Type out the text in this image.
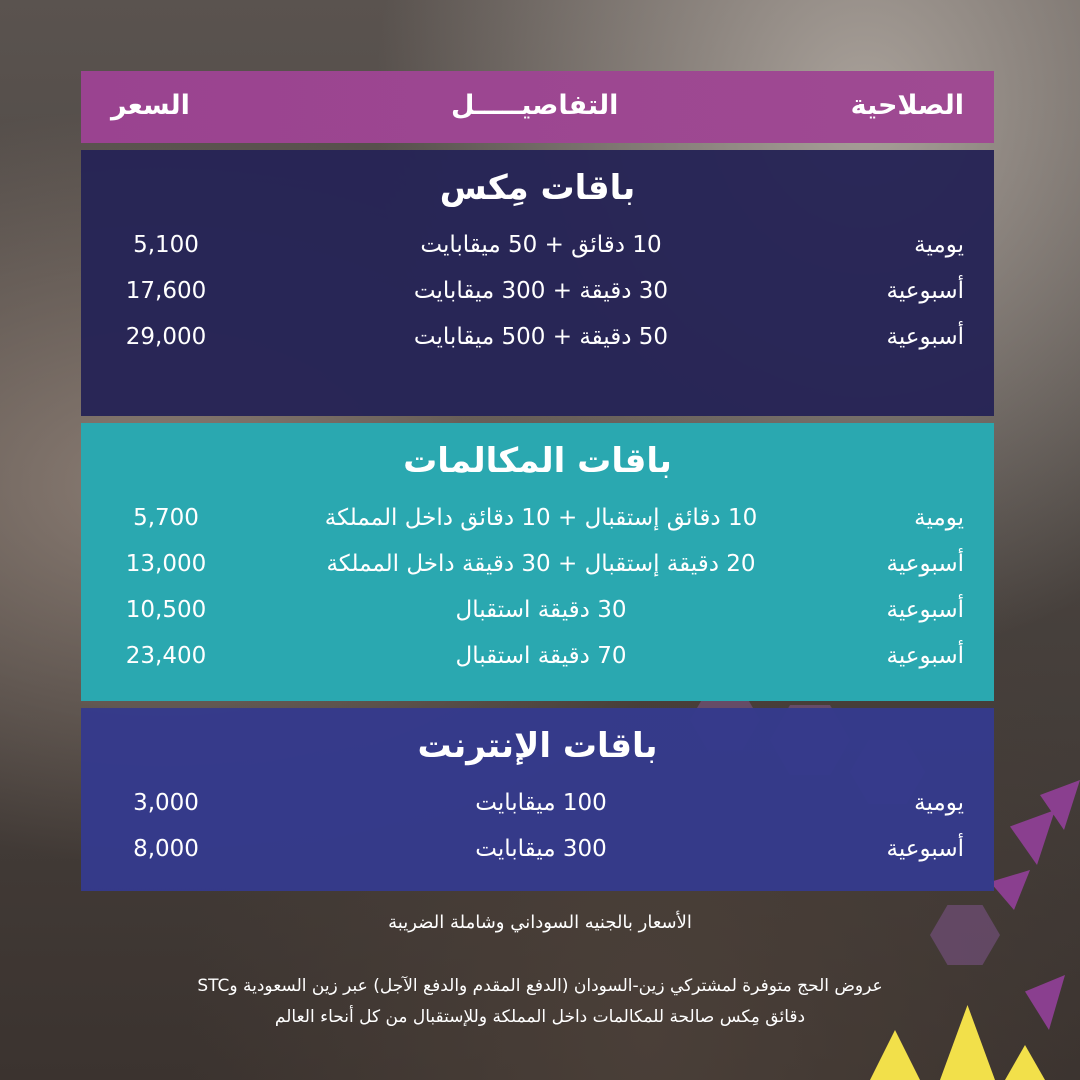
السعر	التفاصيـــــل	الصلاحية
باقات مِكس
يومية
10 دقائق + 50 ميقابايت
5,100
أسبوعية
30 دقيقة + 300 ميقابايت
17,600
أسبوعية
50 دقيقة + 500 ميقابايت
29,000
باقات المكالمات
يومية
10 دقائق إستقبال + 10 دقائق داخل المملكة
5,700
أسبوعية
20 دقيقة إستقبال + 30 دقيقة داخل المملكة
13,000
أسبوعية
30 دقيقة استقبال
10,500
أسبوعية
70 دقيقة استقبال
23,400
باقات الإنترنت
يومية
100 ميقابايت
3,000
أسبوعية
300 ميقابايت
8,000
الأسعار بالجنيه السوداني وشاملة الضريبة
عروض الحج متوفرة لمشتركي زين-السودان (الدفع المقدم والدفع الآجل) عبر زين السعودية وSTC
دقائق مِكس صالحة للمكالمات داخل المملكة وللإستقبال من كل أنحاء العالم
